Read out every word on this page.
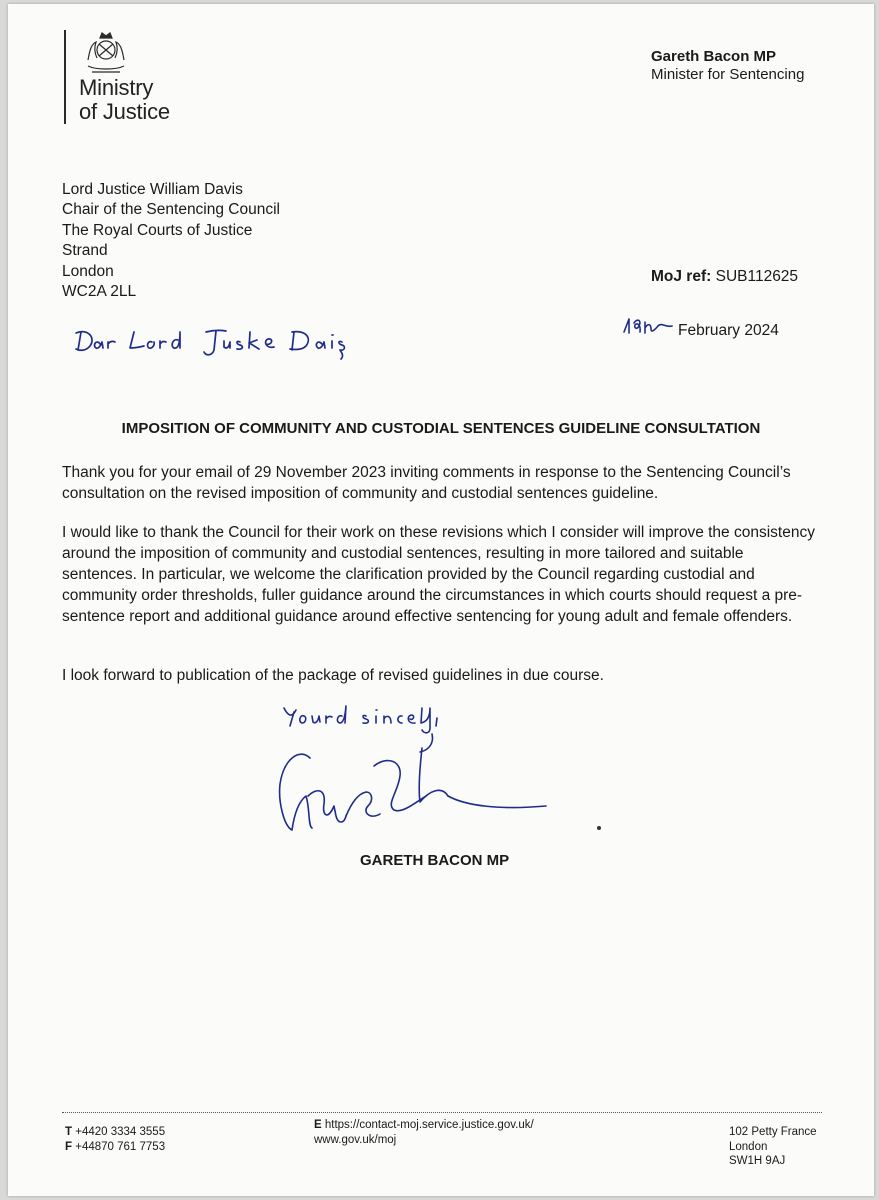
Ministry
of Justice
Gareth Bacon MP
Minister for Sentencing
Lord Justice William Davis
Chair of the Sentencing Council
The Royal Courts of Justice
Strand
London
WC2A 2LL
MoJ ref: SUB112625
February 2024
IMPOSITION OF COMMUNITY AND CUSTODIAL SENTENCES GUIDELINE CONSULTATION
Thank you for your email of 29 November 2023 inviting comments in response to the Sentencing Council’s consultation on the revised imposition of community and custodial sentences guideline.
I would like to thank the Council for their work on these revisions which I consider will improve the consistency around the imposition of community and custodial sentences, resulting in more tailored and suitable sentences. In particular, we welcome the clarification provided by the Council regarding custodial and community order thresholds, fuller guidance around the circumstances in which courts should request a pre-sentence report and additional guidance around effective sentencing for young adult and female offenders.
I look forward to publication of the package of revised guidelines in due course.
GARETH BACON MP
T +4420 3334 3555
F +44870 761 7753
E https://contact-moj.service.justice.gov.uk/
www.gov.uk/moj
102 Petty France
London
SW1H 9AJ
